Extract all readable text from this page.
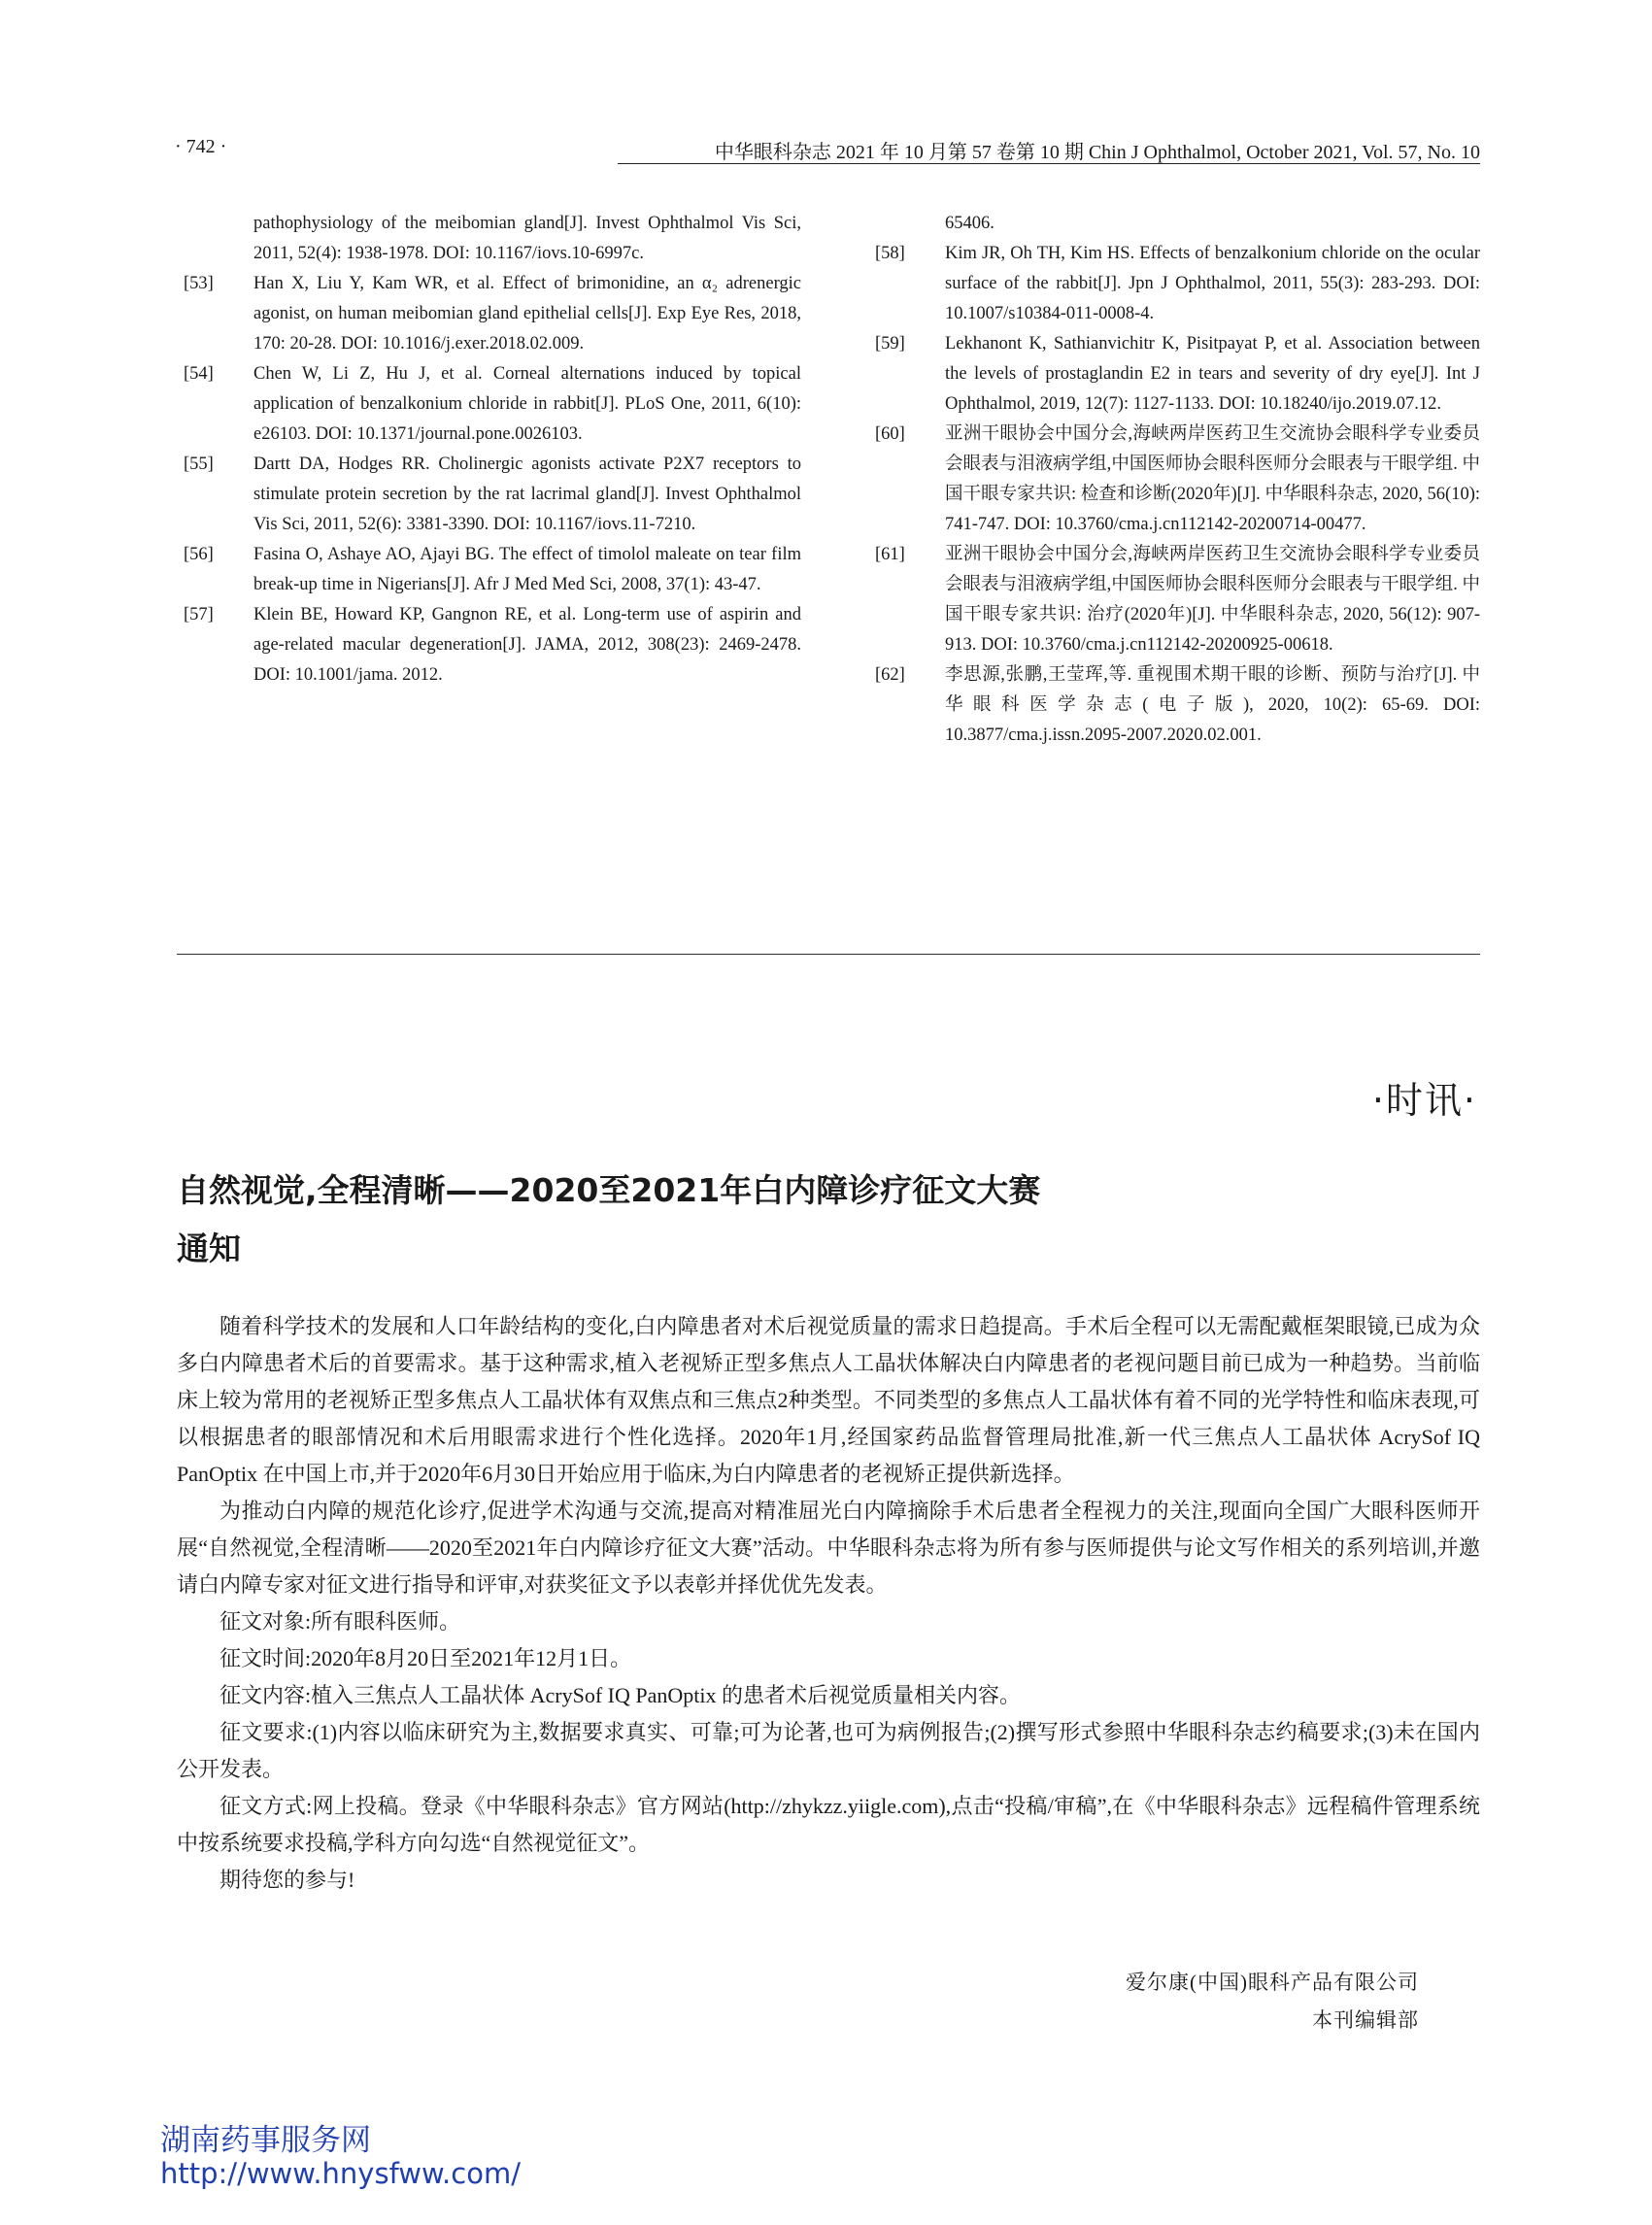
· 742 ·	中华眼科杂志 2021 年 10 月第 57 卷第 10 期 Chin J Ophthalmol, October 2021, Vol. 57, No. 10
pathophysiology of the meibomian gland[J]. Invest Ophthalmol Vis Sci, 2011, 52(4): 1938-1978. DOI: 10.1167/iovs.10-6997c.
[53] Han X, Liu Y, Kam WR, et al. Effect of brimonidine, an α₂ adrenergic agonist, on human meibomian gland epithelial cells[J]. Exp Eye Res, 2018, 170: 20-28. DOI: 10.1016/j.exer.2018.02.009.
[54] Chen W, Li Z, Hu J, et al. Corneal alternations induced by topical application of benzalkonium chloride in rabbit[J]. PLoS One, 2011, 6(10): e26103. DOI: 10.1371/journal.pone.0026103.
[55] Dartt DA, Hodges RR. Cholinergic agonists activate P2X7 receptors to stimulate protein secretion by the rat lacrimal gland[J]. Invest Ophthalmol Vis Sci, 2011, 52(6): 3381-3390. DOI: 10.1167/iovs.11-7210.
[56] Fasina O, Ashaye AO, Ajayi BG. The effect of timolol maleate on tear film break-up time in Nigerians[J]. Afr J Med Med Sci, 2008, 37(1): 43-47.
[57] Klein BE, Howard KP, Gangnon RE, et al. Long-term use of aspirin and age-related macular degeneration[J]. JAMA, 2012, 308(23): 2469-2478. DOI: 10.1001/jama. 2012.
65406.
[58] Kim JR, Oh TH, Kim HS. Effects of benzalkonium chloride on the ocular surface of the rabbit[J]. Jpn J Ophthalmol, 2011, 55(3): 283-293. DOI: 10.1007/s10384-011-0008-4.
[59] Lekhanont K, Sathianvichitr K, Pisitpayat P, et al. Association between the levels of prostaglandin E2 in tears and severity of dry eye[J]. Int J Ophthalmol, 2019, 12(7): 1127-1133. DOI: 10.18240/ijo.2019.07.12.
[60] 亚洲干眼协会中国分会,海峡两岸医药卫生交流协会眼科学专业委员会眼表与泪液病学组,中国医师协会眼科医师分会眼表与干眼学组. 中国干眼专家共识: 检查和诊断(2020年)[J]. 中华眼科杂志, 2020, 56(10): 741-747. DOI: 10.3760/cma.j.cn112142-20200714-00477.
[61] 亚洲干眼协会中国分会,海峡两岸医药卫生交流协会眼科学专业委员会眼表与泪液病学组,中国医师协会眼科医师分会眼表与干眼学组. 中国干眼专家共识: 治疗(2020年)[J]. 中华眼科杂志, 2020, 56(12): 907-913. DOI: 10.3760/cma.j.cn112142-20200925-00618.
[62] 李思源,张鹏,王莹珲,等. 重视围术期干眼的诊断、预防与治疗[J]. 中华眼科医学杂志(电子版), 2020, 10(2): 65-69. DOI: 10.3877/cma.j.issn.2095-2007.2020.02.001.
·时讯·
自然视觉,全程清晰——2020至2021年白内障诊疗征文大赛
通知

随着科学技术的发展和人口年龄结构的变化,白内障患者对术后视觉质量的需求日趋提高。手术后全程可以无需配戴框架眼镜,已成为众多白内障患者术后的首要需求。基于这种需求,植入老视矫正型多焦点人工晶状体解决白内障患者的老视问题目前已成为一种趋势。当前临床上较为常用的老视矫正型多焦点人工晶状体有双焦点和三焦点2种类型。不同类型的多焦点人工晶状体有着不同的光学特性和临床表现,可以根据患者的眼部情况和术后用眼需求进行个性化选择。2020年1月,经国家药品监督管理局批准,新一代三焦点人工晶状体 AcrySof IQ PanOptix 在中国上市,并于2020年6月30日开始应用于临床,为白内障患者的老视矫正提供新选择。

为推动白内障的规范化诊疗,促进学术沟通与交流,提高对精准屈光白内障摘除手术后患者全程视力的关注,现面向全国广大眼科医师开展“自然视觉,全程清晰——2020至2021年白内障诊疗征文大赛”活动。中华眼科杂志将为所有参与医师提供与论文写作相关的系列培训,并邀请白内障专家对征文进行指导和评审,对获奖征文予以表彰并择优优先发表。

征文对象:所有眼科医师。

征文时间:2020年8月20日至2021年12月1日。

征文内容:植入三焦点人工晶状体 AcrySof IQ PanOptix 的患者术后视觉质量相关内容。

征文要求:(1)内容以临床研究为主,数据要求真实、可靠;可为论著,也可为病例报告;(2)撰写形式参照中华眼科杂志约稿要求;(3)未在国内公开发表。

征文方式:网上投稿。登录《中华眼科杂志》官方网站(http://zhykzz.yiigle.com),点击“投稿/审稿”,在《中华眼科杂志》远程稿件管理系统中按系统要求投稿,学科方向勾选“自然视觉征文”。

期待您的参与!

爱尔康(中国)眼科产品有限公司
本刊编辑部
湖南药事服务网
http://www.hnysfww.com/
